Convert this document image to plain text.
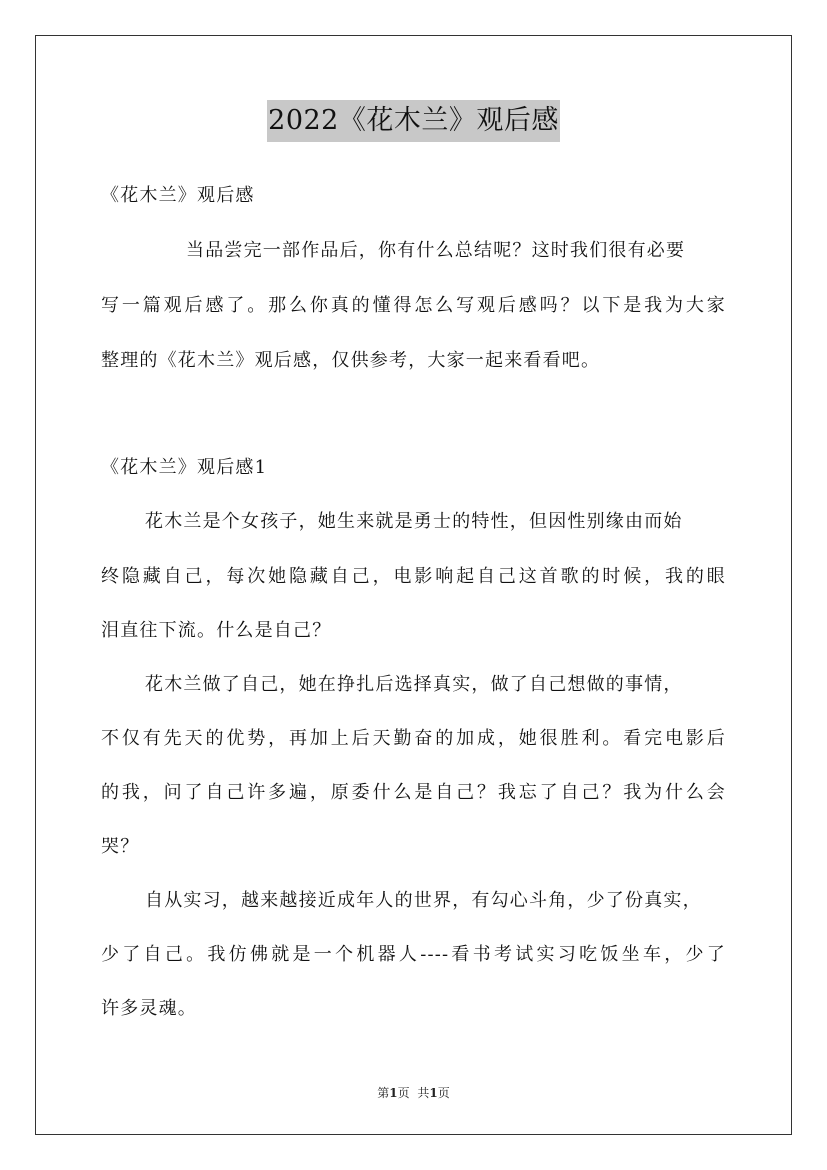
2022《花木兰》观后感
《花木兰》观后感
当品尝完一部作品后，你有什么总结呢？这时我们很有必要
写一篇观后感了。那么你真的懂得怎么写观后感吗？以下是我为大家
整理的《花木兰》观后感，仅供参考，大家一起来看看吧。
《花木兰》观后感1
花木兰是个女孩子，她生来就是勇士的特性，但因性别缘由而始
终隐藏自己，每次她隐藏自己，电影响起自己这首歌的时候，我的眼
泪直往下流。什么是自己？
花木兰做了自己，她在挣扎后选择真实，做了自己想做的事情，
不仅有先天的优势，再加上后天勤奋的加成，她很胜利。看完电影后
的我，问了自己许多遍，原委什么是自己？我忘了自己？我为什么会
哭？
自从实习，越来越接近成年人的世界，有勾心斗角，少了份真实，
少了自己。我仿佛就是一个机器人----看书考试实习吃饭坐车，少了
许多灵魂。
第1页 共1页
